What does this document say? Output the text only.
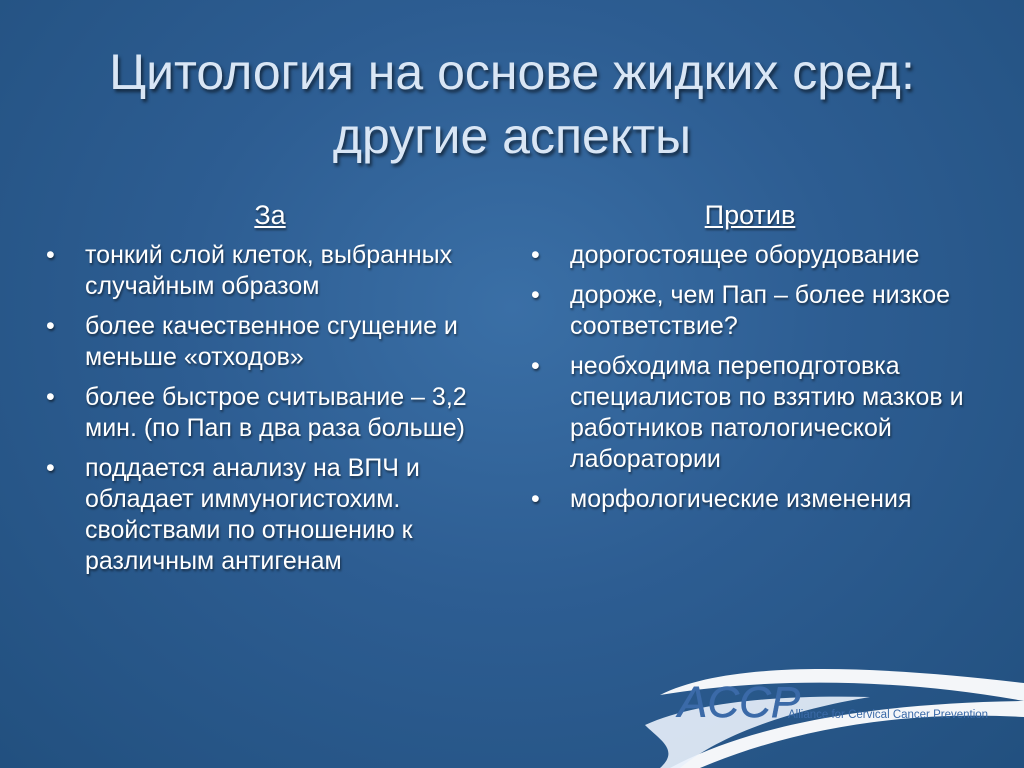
Цитология на основе жидких сред:
другие аспекты
За
• тонкий слой клеток, выбранных случайным образом
• более качественное сгущение и меньше «отходов»
• более быстрое считывание – 3,2 мин. (по Пап в два раза больше)
• поддается анализу на ВПЧ и обладает иммуногистохим. свойствами по отношению к различным антигенам
Против
• дорогостоящее оборудование
• дороже, чем Пап – более низкое соответствие?
• необходима переподготовка специалистов по взятию мазков и работников патологической лаборатории
• морфологические изменения
ACCP
Alliance for Cervical Cancer Prevention
